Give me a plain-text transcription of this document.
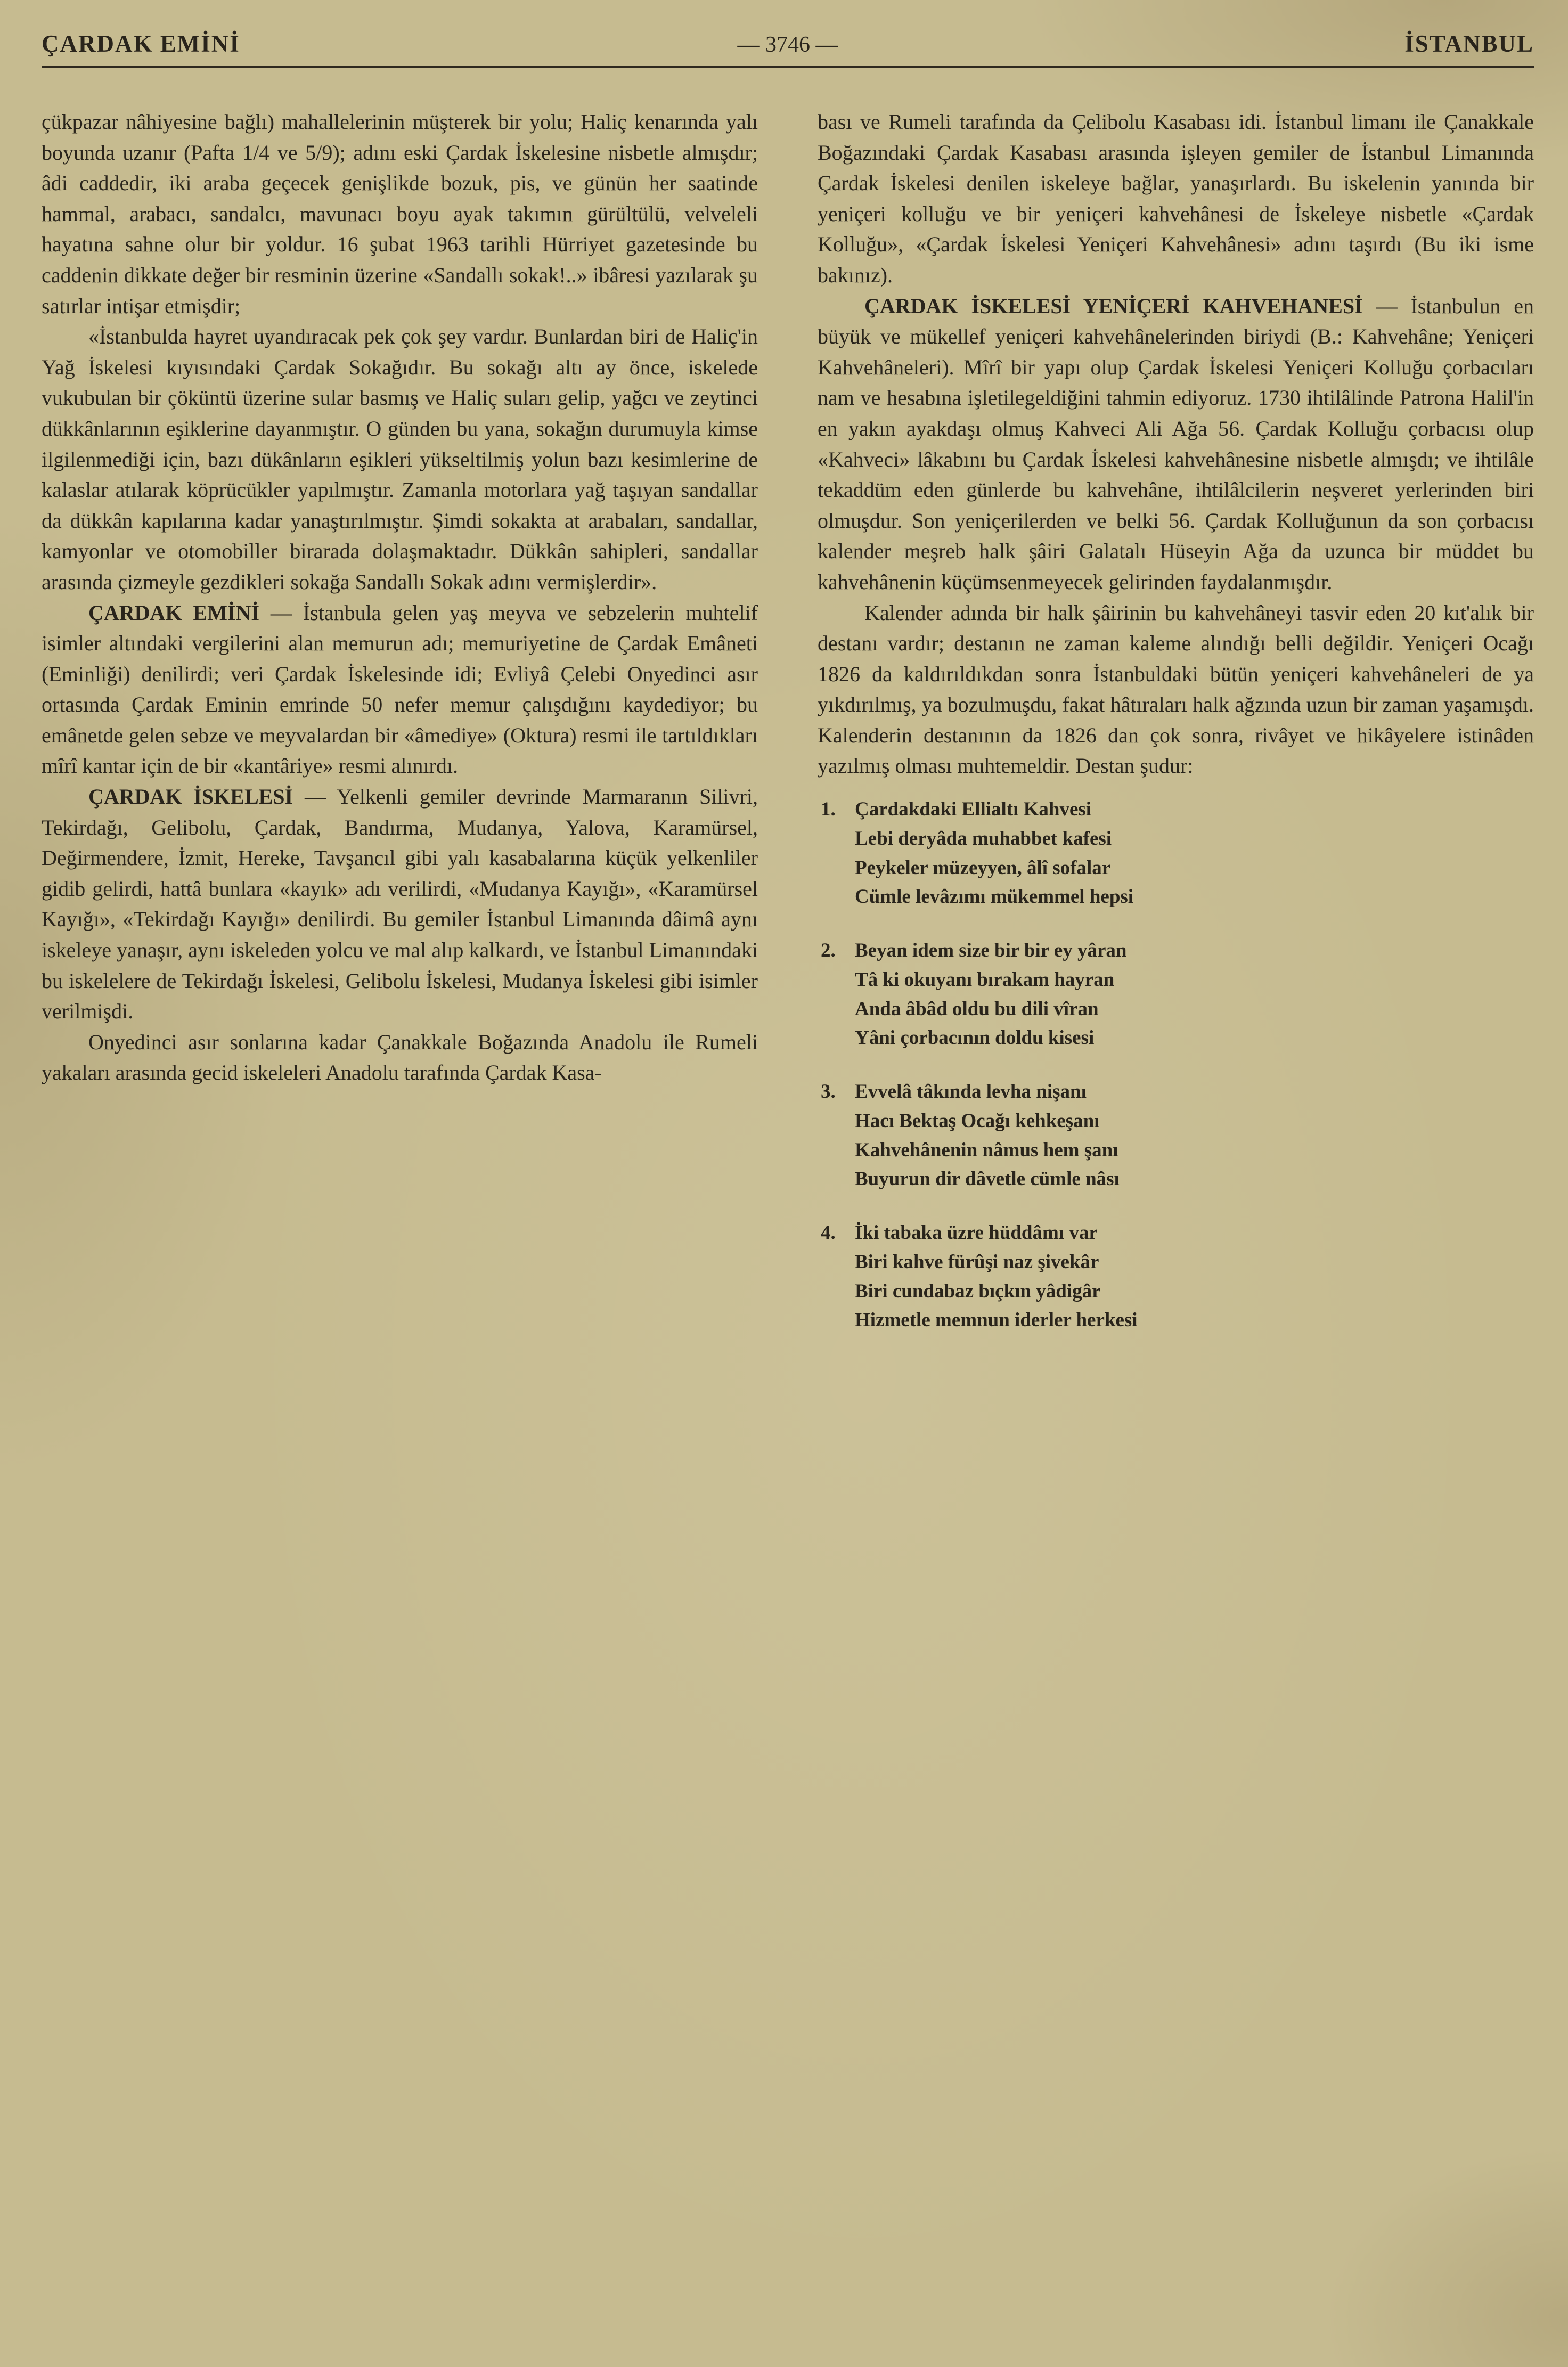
ÇARDAK EMİNİ	— 3746 —	İSTANBUL

çükpazar nâhiyesine bağlı) mahallelerinin müşterek bir yolu; Haliç kenarında yalı boyunda uzanır (Pafta 1/4 ve 5/9); adını eski Çardak İskelesine nisbetle almışdır; âdi caddedir, iki araba geçecek genişlikde bozuk, pis, ve günün her saatinde hammal, arabacı, sandalcı, mavunacı boyu ayak takımın gürültülü, velveleli hayatına sahne olur bir yoldur. 16 şubat 1963 tarihli Hürriyet gazetesinde bu caddenin dikkate değer bir resminin üzerine «Sandallı sokak!..» ibâresi yazılarak şu satırlar intişar etmişdir;

«İstanbulda hayret uyandıracak pek çok şey vardır. Bunlardan biri de Haliç'in Yağ İskelesi kıyısındaki Çardak Sokağıdır. Bu sokağı altı ay önce, iskelede vukubulan bir çöküntü üzerine sular basmış ve Haliç suları gelip, yağcı ve zeytinci dükkânlarının eşiklerine dayanmıştır. O günden bu yana, sokağın durumuyla kimse ilgilenmediği için, bazı dükânların eşikleri yükseltilmiş yolun bazı kesimlerine de kalaslar atılarak köprücükler yapılmıştır. Zamanla motorlara yağ taşıyan sandallar da dükkân kapılarına kadar yanaştırılmıştır. Şimdi sokakta at arabaları, sandallar, kamyonlar ve otomobiller birarada dolaşmaktadır. Dükkân sahipleri, sandallar arasında çizmeyle gezdikleri sokağa Sandallı Sokak adını vermişlerdir».

ÇARDAK EMİNİ — İstanbula gelen yaş meyva ve sebzelerin muhtelif isimler altındaki vergilerini alan memurun adı; memuriyetine de Çardak Emâneti (Eminliği) denilirdi; veri Çardak İskelesinde idi; Evliyâ Çelebi Onyedinci asır ortasında Çardak Eminin emrinde 50 nefer memur çalışdığını kaydediyor; bu emânetde gelen sebze ve meyvalardan bir «âmediye» (Oktura) resmi ile tartıldıkları mîrî kantar için de bir «kantâriye» resmi alınırdı.

ÇARDAK İSKELESİ — Yelkenli gemiler devrinde Marmaranın Silivri, Tekirdağı, Gelibolu, Çardak, Bandırma, Mudanya, Yalova, Karamürsel, Değirmendere, İzmit, Hereke, Tavşancıl gibi yalı kasabalarına küçük yelkenliler gidib gelirdi, hattâ bunlara «kayık» adı verilirdi, «Mudanya Kayığı», «Karamürsel Kayığı», «Tekirdağı Kayığı» denilirdi. Bu gemiler İstanbul Limanında dâimâ aynı iskeleye yanaşır, aynı iskeleden yolcu ve mal alıp kalkardı, ve İstanbul Limanındaki bu iskelelere de Tekirdağı İskelesi, Gelibolu İskelesi, Mudanya İskelesi gibi isimler verilmişdi.

Onyedinci asır sonlarına kadar Çanakkale Boğazında Anadolu ile Rumeli yakaları arasında gecid iskeleleri Anadolu tarafında Çardak Kasa-

bası ve Rumeli tarafında da Çelibolu Kasabası idi. İstanbul limanı ile Çanakkale Boğazındaki Çardak Kasabası arasında işleyen gemiler de İstanbul Limanında Çardak İskelesi denilen iskeleye bağlar, yanaşırlardı. Bu iskelenin yanında bir yeniçeri kolluğu ve bir yeniçeri kahvehânesi de İskeleye nisbetle «Çardak Kolluğu», «Çardak İskelesi Yeniçeri Kahvehânesi» adını taşırdı (Bu iki isme bakınız).

ÇARDAK İSKELESİ YENİÇERİ KAHVEHANESİ — İstanbulun en büyük ve mükellef yeniçeri kahvehânelerinden biriydi (B.: Kahvehâne; Yeniçeri Kahvehâneleri). Mîrî bir yapı olup Çardak İskelesi Yeniçeri Kolluğu çorbacıları nam ve hesabına işletilegeldiğini tahmin ediyoruz. 1730 ihtilâlinde Patrona Halil'in en yakın ayakdaşı olmuş Kahveci Ali Ağa 56. Çardak Kolluğu çorbacısı olup «Kahveci» lâkabını bu Çardak İskelesi kahvehânesine nisbetle almışdı; ve ihtilâle tekaddüm eden günlerde bu kahvehâne, ihtilâlcilerin neşveret yerlerinden biri olmuşdur. Son yeniçerilerden ve belki 56. Çardak Kolluğunun da son çorbacısı kalender meşreb halk şâiri Galatalı Hüseyin Ağa da uzunca bir müddet bu kahvehânenin küçümsenmeyecek gelirinden faydalanmışdır.

Kalender adında bir halk şâirinin bu kahvehâneyi tasvir eden 20 kıt'alık bir destanı vardır; destanın ne zaman kaleme alındığı belli değildir. Yeniçeri Ocağı 1826 da kaldırıldıkdan sonra İstanbuldaki bütün yeniçeri kahvehâneleri de ya yıkdırılmış, ya bozulmuşdu, fakat hâtıraları halk ağzında uzun bir zaman yaşamışdı. Kalenderin destanının da 1826 dan çok sonra, rivâyet ve hikâyelere istinâden yazılmış olması muhtemeldir. Destan şudur:

1. Çardakdaki Ellialtı Kahvesi
Lebi deryâda muhabbet kafesi
Peykeler müzeyyen, âlî sofalar
Cümle levâzımı mükemmel hepsi
2. Beyan idem size bir bir ey yâran
Tâ ki okuyanı bırakam hayran
Anda âbâd oldu bu dili vîran
Yâni çorbacının doldu kisesi
3. Evvelâ tâkında levha nişanı
Hacı Bektaş Ocağı kehkeşanı
Kahvehânenin nâmus hem şanı
Buyurun dir dâvetle cümle nâsı
4. İki tabaka üzre hüddâmı var
Biri kahve fürûşi naz şivekâr
Biri cundabaz bıçkın yâdigâr
Hizmetle memnun iderler herkesi
